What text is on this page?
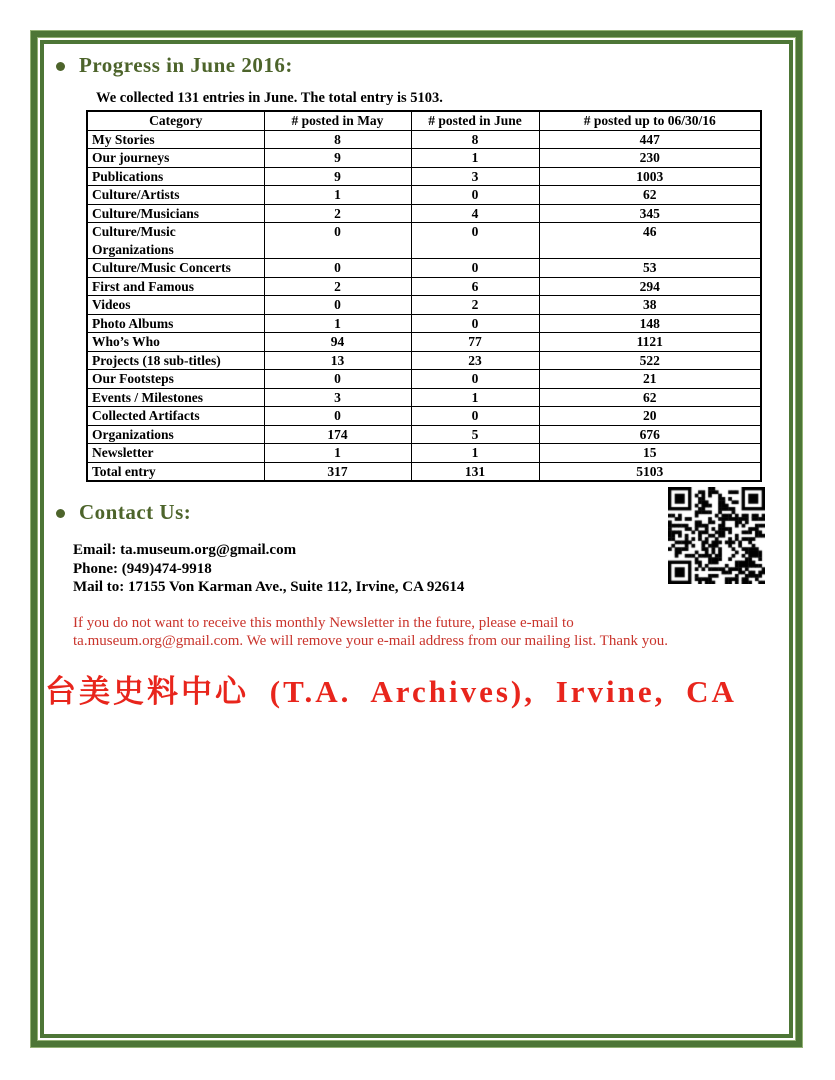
Progress in June 2016:

We collected 131 entries in June. The total entry is 5103.

Category	# posted in May	# posted in June	# posted up to 06/30/16
My Stories	8	8	447
Our journeys	9	1	230
Publications	9	3	1003
Culture/Artists	1	0	62
Culture/Musicians	2	4	345
Culture/Music Organizations	0	0	46
Culture/Music Concerts	0	0	53
First and Famous	2	6	294
Videos	0	2	38
Photo Albums	1	0	148
Who’s Who	94	77	1121
Projects (18 sub-titles)	13	23	522
Our Footsteps	0	0	21
Events / Milestones	3	1	62
Collected Artifacts	0	0	20
Organizations	174	5	676
Newsletter	1	1	15
Total entry	317	131	5103
Contact Us:
Email: ta.museum.org@gmail.com
Phone: (949)474-9918
Mail to: 17155 Von Karman Ave., Suite 112, Irvine, CA 92614

If you do not want to receive this monthly Newsletter in the future, please e-mail to ta.museum.org@gmail.com. We will remove your e-mail address from our mailing list. Thank you.

台美史料中心 (T.A. Archives), Irvine, CA
